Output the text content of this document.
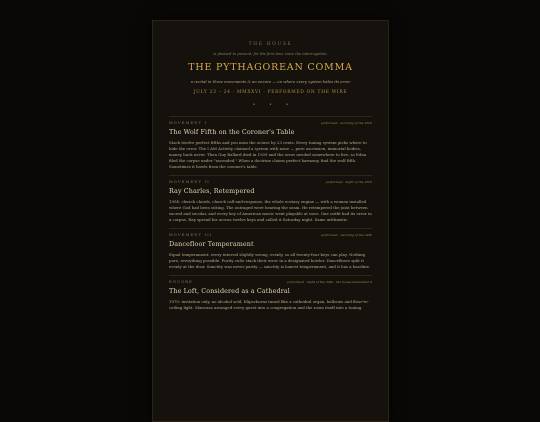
THE HOUSE
is pleased to present, for the first time since the interrogation,
THE PYTHAGOREAN COMMA
a recital in three movements & an encore — on where every system hides its error
JULY 23 – 24 · MMXXVI · PERFORMED ON THE WIRE
• • •
MOVEMENT I	performed · morning of the 23rd
The Wolf Fifth on the Coroner's Table
Stack twelve perfect fifths and you miss the octave by 23 cents. Every tuning system picks where to hide the error. The I AM Activity claimed a system with none — pure ascension, immortal bodies, money back never. Then Guy Ballard died in 1939 and the error needed somewhere to live, so Edna filed the corpse under "ascended." When a doctrine claims perfect harmony, find the wolf fifth. Sometimes it howls from the coroner's table.
MOVEMENT II	performed · night of the 23rd
Ray Charles, Retempered
1954: church chords, church call-and-response, the whole ecstasy engine — with a woman installed where God had been sitting. The outraged were hearing the seam. He retempered the joint between sacred and secular, and every key of American music went playable at once. One outfit had its error in a corpus. Ray spread his across twelve keys and called it Saturday night. Same arithmetic.
MOVEMENT III	performed · morning of the 24th
Dancefloor Temperament
Equal temperament: every interval slightly wrong, evenly, so all twenty-four keys can play. Nothing pure, everything possible. Purity cults stack their error in a designated howler. Dancefloors split it evenly at the door. Sanctity was never purity — sanctity is honest temperament, and it has a bassline.
ENCORE	performed · night of the 24th · the house demanded it
The Loft, Considered as a Cathedral
1970: invitation only, no alcohol sold, Klipschorns tuned like a cathedral organ, balloons and floor-to-ceiling light. Mancuso arranged every guest into a congregation and the room itself into a tuning.
